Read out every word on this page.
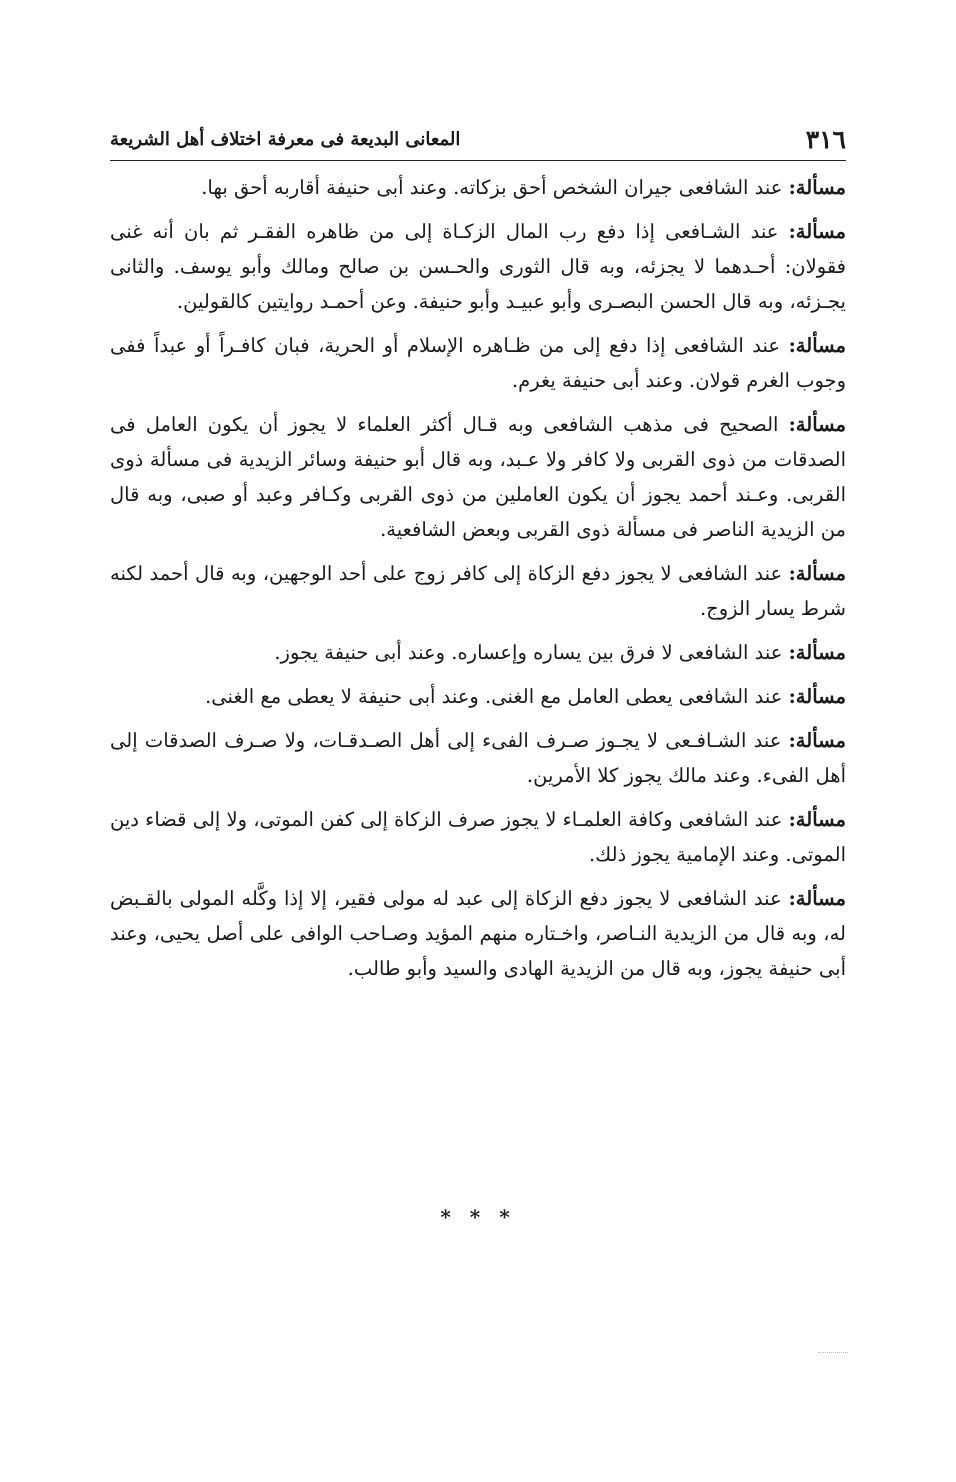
٣١٦
المعانى البديعة فى معرفة اختلاف أهل الشريعة

مسألة: عند الشافعى جيران الشخص أحق بزكاته. وعند أبى حنيفة أقاربه أحق بها.

مسألة: عند الشـافعى إذا دفع رب المال الزكـاة إلى من ظاهره الفقـر ثم بان أنه غنى فقولان: أحـدهما لا يجزئه، وبه قال الثورى والحـسن بن صالح ومالك وأبو يوسف. والثانى يجـزئه، وبه قال الحسن البصـرى وأبو عبيـد وأبو حنيفة. وعن أحمـد روايتين كالقولين.

مسألة: عند الشافعى إذا دفع إلى من ظـاهره الإسلام أو الحرية، فبان كافـراً أو عبداً ففى وجوب الغرم قولان. وعند أبى حنيفة يغرم.

مسألة: الصحيح فى مذهب الشافعى وبه قـال أكثر العلماء لا يجوز أن يكون العامل فى الصدقات من ذوى القربى ولا كافر ولا عـبد، وبه قال أبو حنيفة وسائر الزيدية فى مسألة ذوى القربى. وعـند أحمد يجوز أن يكون العاملين من ذوى القربى وكـافر وعبد أو صبى، وبه قال من الزيدية الناصر فى مسألة ذوى القربى وبعض الشافعية.

مسألة: عند الشافعى لا يجوز دفع الزكاة إلى كافر زوج على أحد الوجهين، وبه قال أحمد لكنه شرط يسار الزوج.

مسألة: عند الشافعى لا فرق بين يساره وإعساره. وعند أبى حنيفة يجوز.

مسألة: عند الشافعى يعطى العامل مع الغنى. وعند أبى حنيفة لا يعطى مع الغنى.

مسألة: عند الشـافـعى لا يجـوز صـرف الفىء إلى أهل الصـدقـات، ولا صـرف الصدقات إلى أهل الفىء. وعند مالك يجوز كلا الأمرين.

مسألة: عند الشافعى وكافة العلمـاء لا يجوز صرف الزكاة إلى كفن الموتى، ولا إلى قضاء دين الموتى. وعند الإمامية يجوز ذلك.

مسألة: عند الشافعى لا يجوز دفع الزكاة إلى عبد له مولى فقير، إلا إذا وكَّله المولى بالقـبض له، وبه قال من الزيدية النـاصر، واخـتاره منهم المؤيد وصـاحب الوافى على أصل يحيى، وعند أبى حنيفة يجوز، وبه قال من الزيدية الهادى والسيد وأبو طالب.

* * *
